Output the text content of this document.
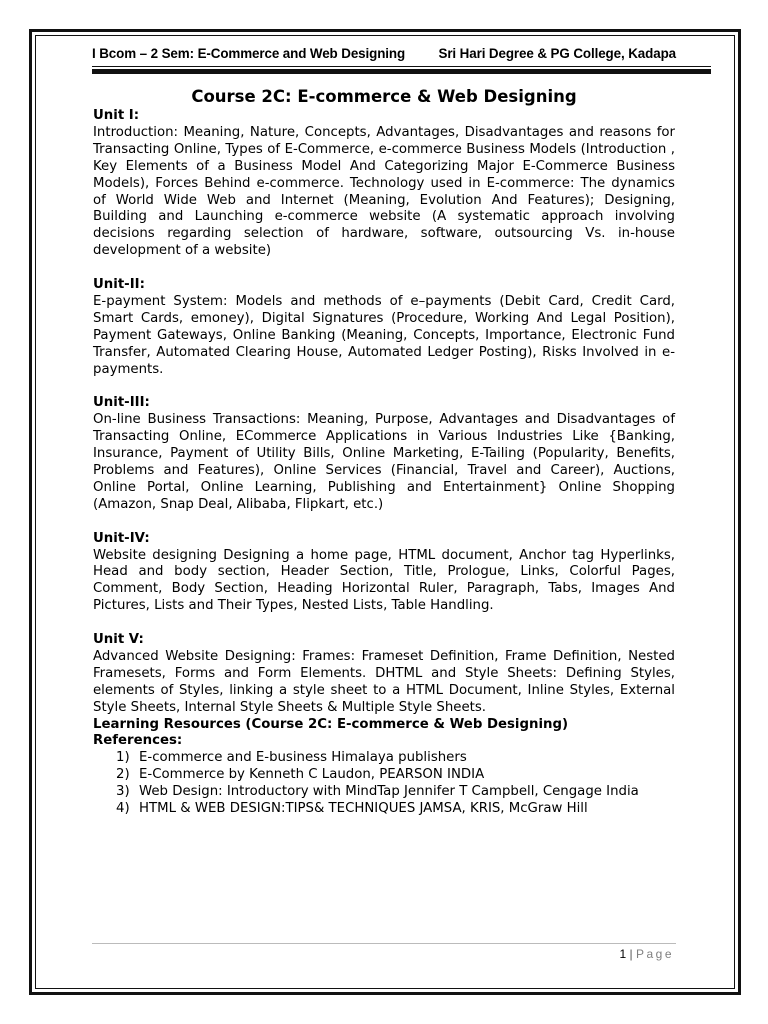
I Bcom – 2 Sem: E-Commerce and Web Designing Sri Hari Degree & PG College, Kadapa
Course 2C: E-commerce & Web Designing
Unit I:
Introduction: Meaning, Nature, Concepts, Advantages, Disadvantages and reasons for Transacting Online, Types of E-Commerce, e-commerce Business Models (Introduction , Key Elements of a Business Model And Categorizing Major E-Commerce Business Models), Forces Behind e-commerce. Technology used in E-commerce: The dynamics of World Wide Web and Internet (Meaning, Evolution And Features); Designing, Building and Launching e-commerce website (A systematic approach involving decisions regarding selection of hardware, software, outsourcing Vs. in-house development of a website)
Unit-II:
E-payment System: Models and methods of e–payments (Debit Card, Credit Card, Smart Cards, emoney), Digital Signatures (Procedure, Working And Legal Position), Payment Gateways, Online Banking (Meaning, Concepts, Importance, Electronic Fund Transfer, Automated Clearing House, Automated Ledger Posting), Risks Involved in e-payments.
Unit-III:
On-line Business Transactions: Meaning, Purpose, Advantages and Disadvantages of Transacting Online, ECommerce Applications in Various Industries Like {Banking, Insurance, Payment of Utility Bills, Online Marketing, E-Tailing (Popularity, Benefits, Problems and Features), Online Services (Financial, Travel and Career), Auctions, Online Portal, Online Learning, Publishing and Entertainment} Online Shopping (Amazon, Snap Deal, Alibaba, Flipkart, etc.)
Unit-IV:
Website designing Designing a home page, HTML document, Anchor tag Hyperlinks, Head and body section, Header Section, Title, Prologue, Links, Colorful Pages, Comment, Body Section, Heading Horizontal Ruler, Paragraph, Tabs, Images And Pictures, Lists and Their Types, Nested Lists, Table Handling.
Unit V:
Advanced Website Designing: Frames: Frameset Definition, Frame Definition, Nested Framesets, Forms and Form Elements. DHTML and Style Sheets: Defining Styles, elements of Styles, linking a style sheet to a HTML Document, Inline Styles, External Style Sheets, Internal Style Sheets & Multiple Style Sheets.
Learning Resources (Course 2C: E-commerce & Web Designing)
References:
1) E-commerce and E-business Himalaya publishers
2) E-Commerce by Kenneth C Laudon, PEARSON INDIA
3) Web Design: Introductory with MindTap Jennifer T Campbell, Cengage India
4) HTML & WEB DESIGN:TIPS& TECHNIQUES JAMSA, KRIS, McGraw Hill
1 | Page
